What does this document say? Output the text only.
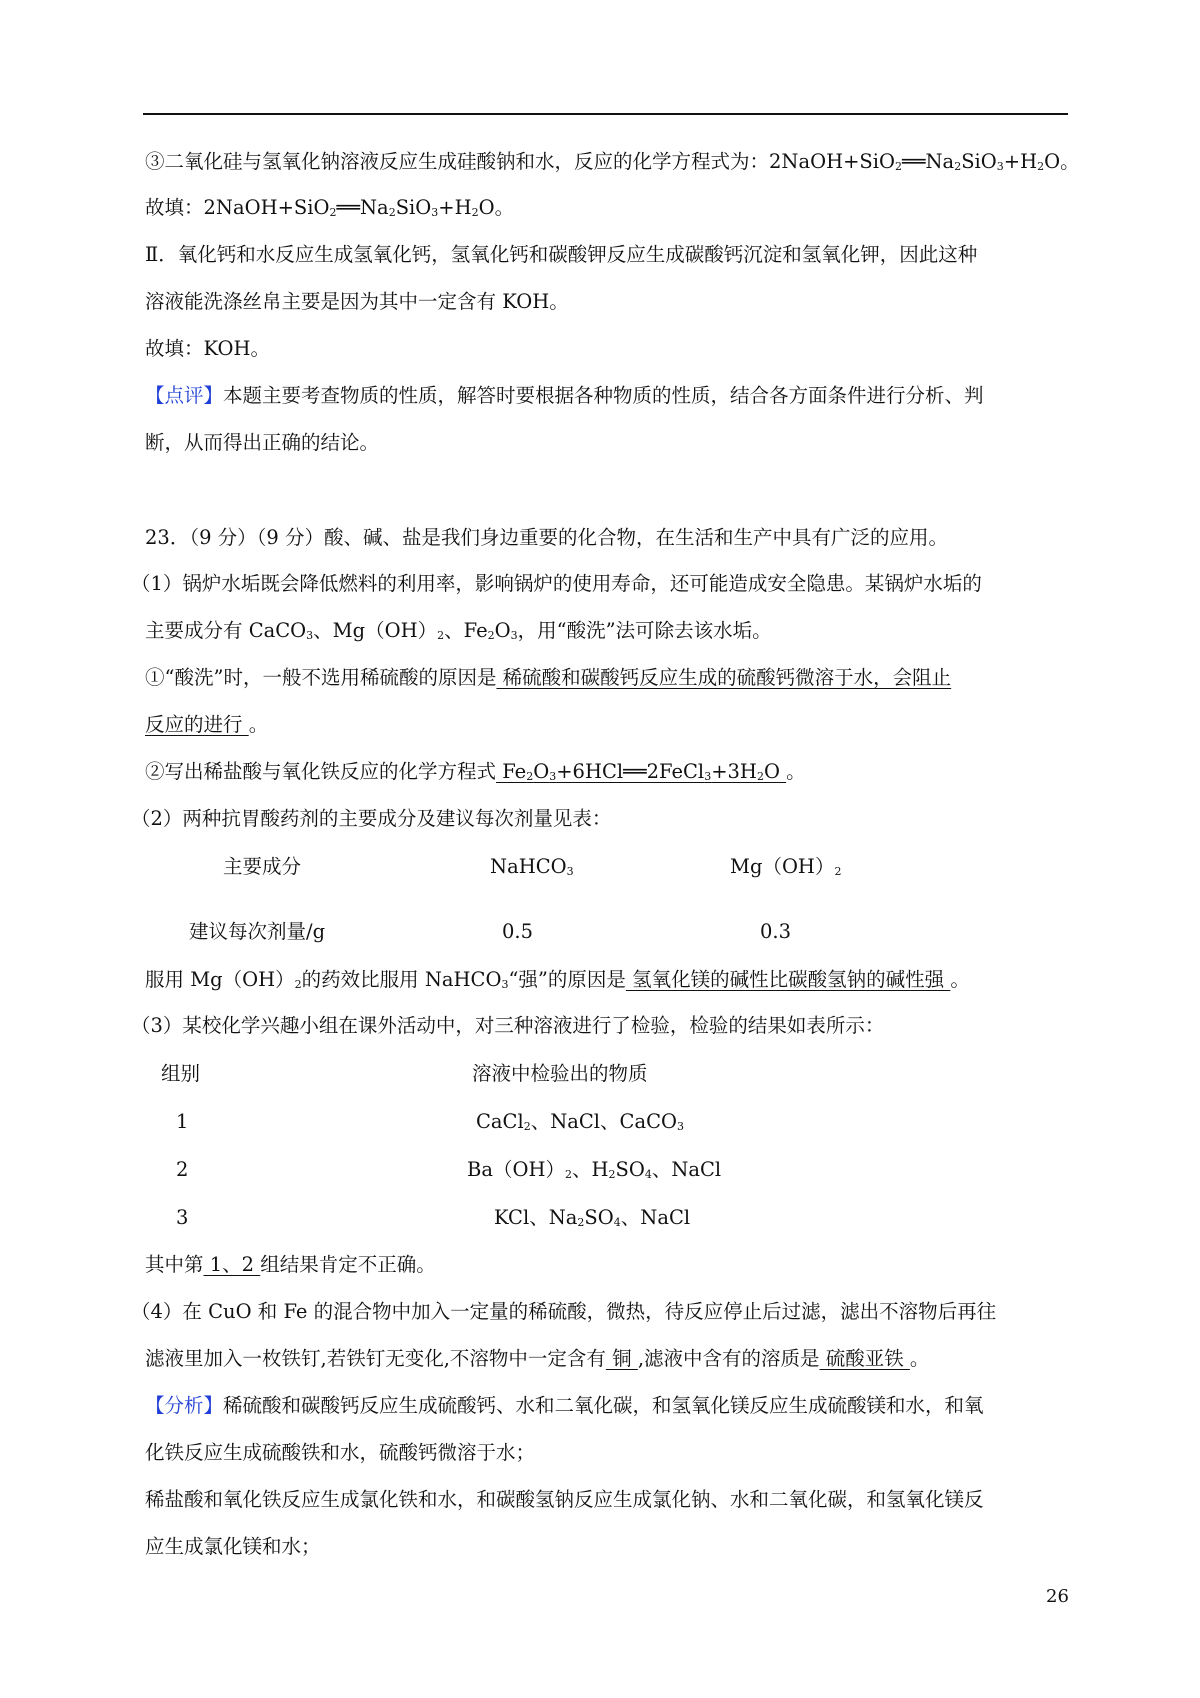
③二氧化硅与氢氧化钠溶液反应生成硅酸钠和水，反应的化学方程式为：$2NaOH+SiO_2══Na_2SiO_3+H_2O$。
故填：$2NaOH+SiO_2══Na_2SiO_3+H_2O$。
Ⅱ．氧化钙和水反应生成氢氧化钙，氢氧化钙和碳酸钾反应生成碳酸钙沉淀和氢氧化钾，因此这种
溶液能洗涤丝帛主要是因为其中一定含有 KOH。
故填：KOH。
【点评】本题主要考查物质的性质，解答时要根据各种物质的性质，结合各方面条件进行分析、判
断，从而得出正确的结论。
23．（9 分）（9 分）酸、碱、盐是我们身边重要的化合物，在生活和生产中具有广泛的应用。
（1）锅炉水垢既会降低燃料的利用率，影响锅炉的使用寿命，还可能造成安全隐患。某锅炉水垢的
主要成分有 CaCO$_3$、$Mg(OH)_2$、$Fe_2O_3$，用“酸洗”法可除去该水垢。
①“酸洗”时，一般不选用稀硫酸的原因是 稀硫酸和碳酸钙反应生成的硫酸钙微溶于水，会阻止
反应的进行 。
②写出稀盐酸与氧化铁反应的化学方程式 $Fe_2O_3+6HCl══2FeCl_3+3H_2O$ 。
（2）两种抗胃酸药剂的主要成分及建议每次剂量见表：
主要成分	NaHCO$_3$	$Mg(OH)_2$
建议每次剂量/g	0.5	0.3
服用 $Mg(OH)_2$的药效比服用 NaHCO$_3$“强”的原因是 氢氧化镁的碱性比碳酸氢钠的碱性强 。
（3）某校化学兴趣小组在课外活动中，对三种溶液进行了检验，检验的结果如表所示：
组别	溶液中检验出的物质
1	CaCl$_2$、NaCl、CaCO$_3$
2	$Ba(OH)_2$、$H_2SO_4$、NaCl
3	KCl、$Na_2SO_4$、NaCl
其中第 1、2 组结果肯定不正确。
（4）在 CuO 和 Fe 的混合物中加入一定量的稀硫酸，微热，待反应停止后过滤，滤出不溶物后再往
滤液里加入一枚铁钉,若铁钉无变化,不溶物中一定含有 铜 ,滤液中含有的溶质是 硫酸亚铁 。
【分析】稀硫酸和碳酸钙反应生成硫酸钙、水和二氧化碳，和氢氧化镁反应生成硫酸镁和水，和氧
化铁反应生成硫酸铁和水，硫酸钙微溶于水；
稀盐酸和氧化铁反应生成氯化铁和水，和碳酸氢钠反应生成氯化钠、水和二氧化碳，和氢氧化镁反
应生成氯化镁和水；
26
